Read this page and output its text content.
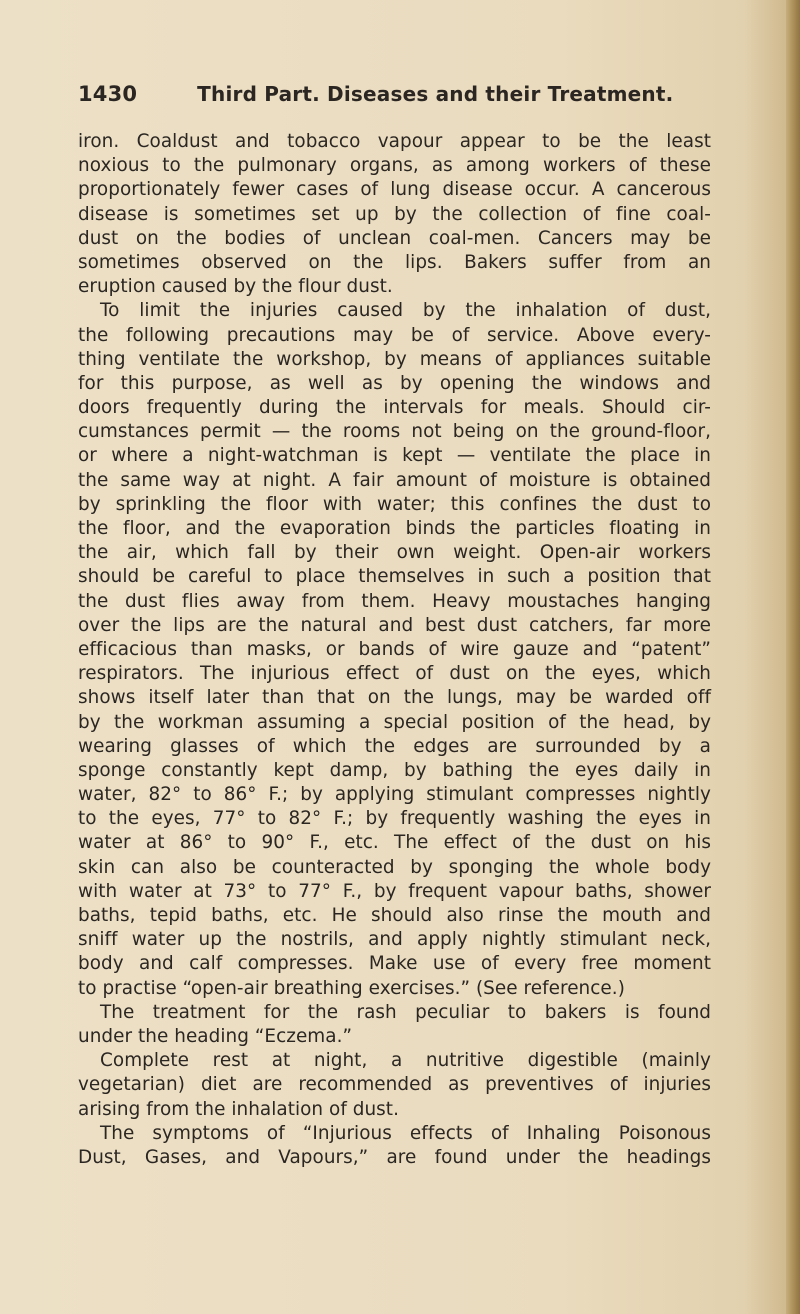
1430	Third Part. Diseases and their Treatment.
iron. Coaldust and tobacco vapour appear to be the least
noxious to the pulmonary organs, as among workers of these
proportionately fewer cases of lung disease occur. A cancerous
disease is sometimes set up by the collection of fine coal-
dust on the bodies of unclean coal-men. Cancers may be
sometimes observed on the lips. Bakers suffer from an
eruption caused by the flour dust.
To limit the injuries caused by the inhalation of dust,
the following precautions may be of service. Above every-
thing ventilate the workshop, by means of appliances suitable
for this purpose, as well as by opening the windows and
doors frequently during the intervals for meals. Should cir-
cumstances permit — the rooms not being on the ground-floor,
or where a night-watchman is kept — ventilate the place in
the same way at night. A fair amount of moisture is obtained
by sprinkling the floor with water; this confines the dust to
the floor, and the evaporation binds the particles floating in
the air, which fall by their own weight. Open-air workers
should be careful to place themselves in such a position that
the dust flies away from them. Heavy moustaches hanging
over the lips are the natural and best dust catchers, far more
efficacious than masks, or bands of wire gauze and “patent”
respirators. The injurious effect of dust on the eyes, which
shows itself later than that on the lungs, may be warded off
by the workman assuming a special position of the head, by
wearing glasses of which the edges are surrounded by a
sponge constantly kept damp, by bathing the eyes daily in
water, 82° to 86° F.; by applying stimulant compresses nightly
to the eyes, 77° to 82° F.; by frequently washing the eyes in
water at 86° to 90° F., etc. The effect of the dust on his
skin can also be counteracted by sponging the whole body
with water at 73° to 77° F., by frequent vapour baths, shower
baths, tepid baths, etc. He should also rinse the mouth and
sniff water up the nostrils, and apply nightly stimulant neck,
body and calf compresses. Make use of every free moment
to practise “open-air breathing exercises.” (See reference.)
The treatment for the rash peculiar to bakers is found
under the heading “Eczema.”
Complete rest at night, a nutritive digestible (mainly
vegetarian) diet are recommended as preventives of injuries
arising from the inhalation of dust.
The symptoms of “Injurious effects of Inhaling Poisonous
Dust, Gases, and Vapours,” are found under the headings
